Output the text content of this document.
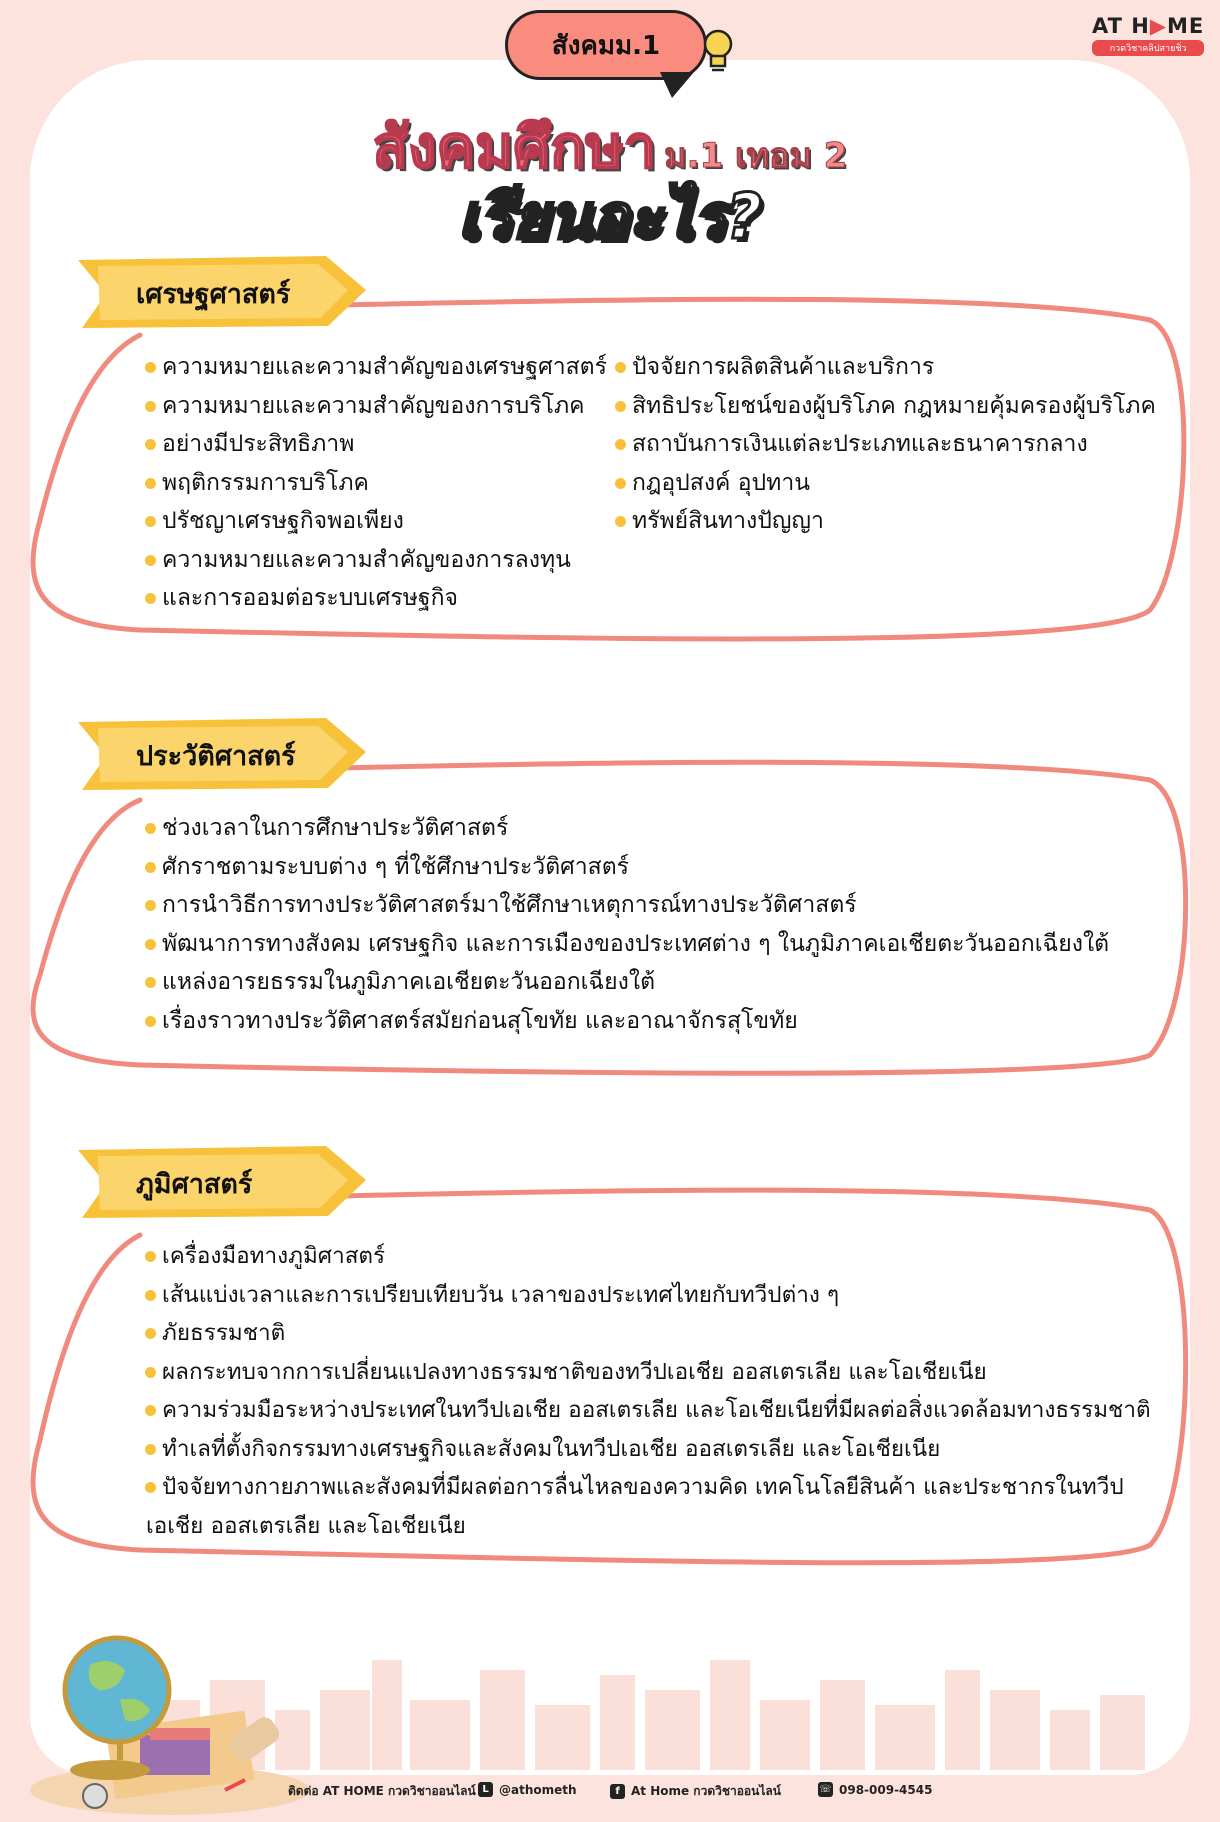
สังคมม.1
AT H▶ME
กวดวิชาคลิปสายชิ่ว
สังคมศึกษา ม.1 เทอม 2
เรียนอะไร?
เศรษฐศาสตร์
ความหมายและความสำคัญของเศรษฐศาสตร์
ความหมายและความสำคัญของการบริโภค
อย่างมีประสิทธิภาพ
พฤติกรรมการบริโภค
ปรัชญาเศรษฐกิจพอเพียง
ความหมายและความสำคัญของการลงทุน
และการออมต่อระบบเศรษฐกิจ
ปัจจัยการผลิตสินค้าและบริการ
สิทธิประโยชน์ของผู้บริโภค กฎหมายคุ้มครองผู้บริโภค
สถาบันการเงินแต่ละประเภทและธนาคารกลาง
กฎอุปสงค์ อุปทาน
ทรัพย์สินทางปัญญา
ประวัติศาสตร์
ช่วงเวลาในการศึกษาประวัติศาสตร์
ศักราชตามระบบต่าง ๆ ที่ใช้ศึกษาประวัติศาสตร์
การนำวิธีการทางประวัติศาสตร์มาใช้ศึกษาเหตุการณ์ทางประวัติศาสตร์
พัฒนาการทางสังคม เศรษฐกิจ และการเมืองของประเทศต่าง ๆ ในภูมิภาคเอเชียตะวันออกเฉียงใต้
แหล่งอารยธรรมในภูมิภาคเอเชียตะวันออกเฉียงใต้
เรื่องราวทางประวัติศาสตร์สมัยก่อนสุโขทัย และอาณาจักรสุโขทัย
ภูมิศาสตร์
เครื่องมือทางภูมิศาสตร์
เส้นแบ่งเวลาและการเปรียบเทียบวัน เวลาของประเทศไทยกับทวีปต่าง ๆ
ภัยธรรมชาติ
ผลกระทบจากการเปลี่ยนแปลงทางธรรมชาติของทวีปเอเชีย ออสเตรเลีย และโอเชียเนีย
ความร่วมมือระหว่างประเทศในทวีปเอเชีย ออสเตรเลีย และโอเชียเนียที่มีผลต่อสิ่งแวดล้อมทางธรรมชาติ
ทำเลที่ตั้งกิจกรรมทางเศรษฐกิจและสังคมในทวีปเอเชีย ออสเตรเลีย และโอเชียเนีย
ปัจจัยทางกายภาพและสังคมที่มีผลต่อการลื่นไหลของความคิด เทคโนโลยีสินค้า และประชากรในทวีป
เอเชีย ออสเตรเลีย และโอเชียเนีย
ติดต่อ AT HOME กวดวิชาออนไลน์ L @athometh	f At Home กวดวิชาออนไลน์	☏ 098-009-4545
